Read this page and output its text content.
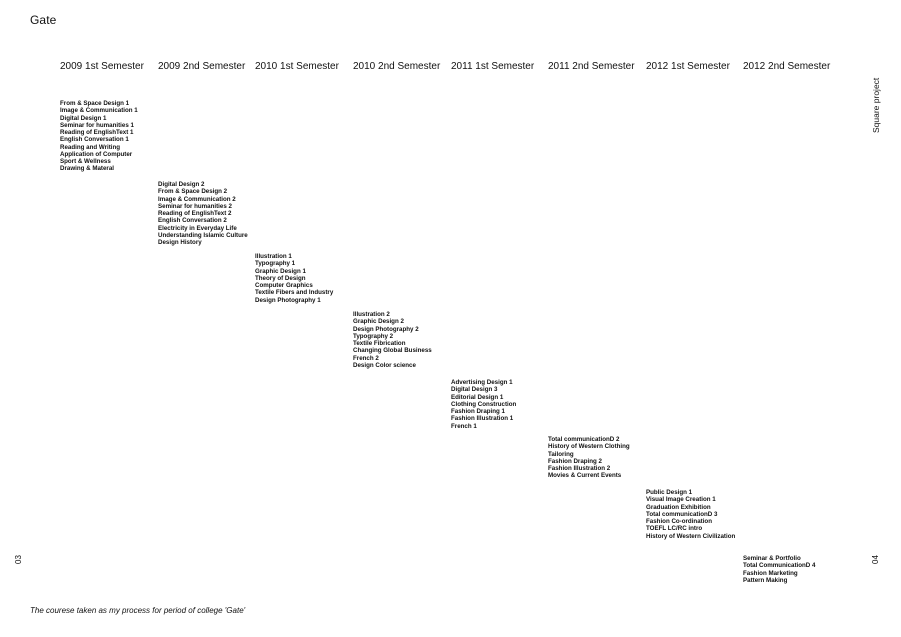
Gate
2009 1st Semester 2009 2nd Semester 2010 1st Semester 2010 2nd Semester 2011 1st Semester 2011 2nd Semester 2012 1st Semester 2012 2nd Semester
From & Space Design 1
Image & Communication 1
Digital Design 1
Seminar for humanities 1
Reading of EnglishText 1
English Conversation 1
Reading and Writing
Application of Computer
Sport & Wellness
Drawing & Materal
Digital Design 2
From & Space Design 2
Image & Communication 2
Seminar for humanities 2
Reading of EnglishText 2
English Conversation 2
Electricity in Everyday Life
Understanding Islamic Culture
Design History
Illustration 1
Typography 1
Graphic Design 1
Theory of Design
Computer Graphics
Textile Fibers and Industry
Design Photography 1
Illustration 2
Graphic Design 2
Design Photography 2
Typography 2
Textile Fibrication
Changing Global Business
French 2
Design Color science
Advertising Design 1
Digital Design 3
Editorial Design 1
Clothing Construction
Fashion Draping 1
Fashion Illustration 1
French 1
Total communicationD 2
History of Western Clothing
Tailoring
Fashion Draping 2
Fashion Illustration 2
Movies & Current Events
Public Design 1
Visual Image Creation 1
Graduation Exhibition
Total communicationD 3
Fashion Co-ordination
TOEFL LC/RC intro
History of Western Civilization
Seminar & Portfolio
Total CommunicationD 4
Fashion Marketing
Pattern Making
Square project
03	04
The courese taken as my process for period of college 'Gate'
